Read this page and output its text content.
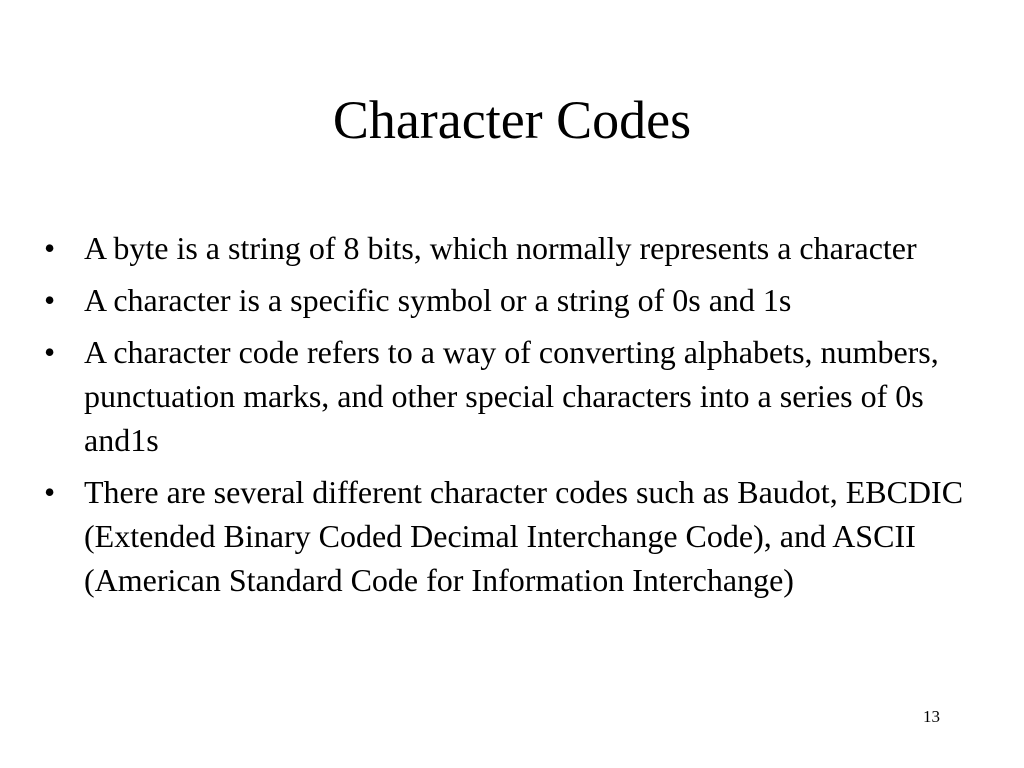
Character Codes
• A byte is a string of 8 bits, which normally represents a character
• A character is a specific symbol or a string of 0s and 1s
• A character code refers to a way of converting alphabets, numbers, punctuation marks, and other special characters into a series of 0s and1s
• There are several different character codes such as Baudot, EBCDIC (Extended Binary Coded Decimal Interchange Code), and ASCII (American Standard Code for Information Interchange)
13
